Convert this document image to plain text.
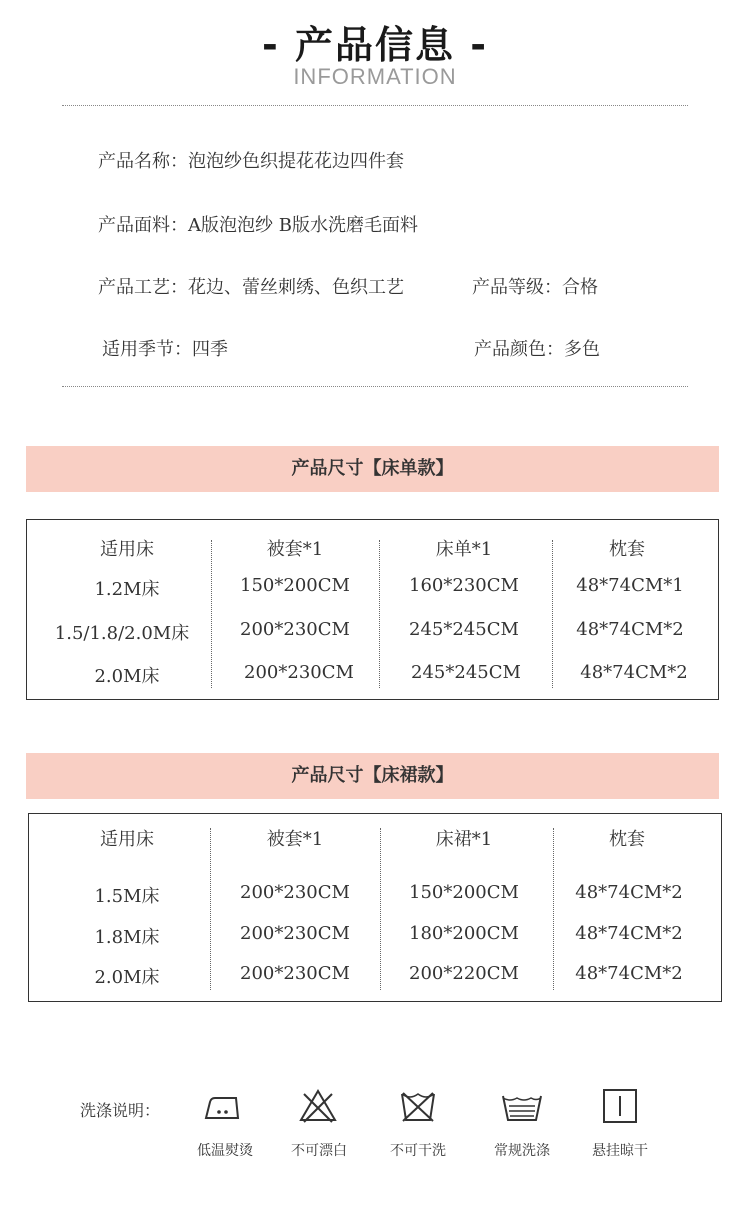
- 产品信息 -
INFORMATION
产品名称：泡泡纱色织提花花边四件套
产品面料：A版泡泡纱 B版水洗磨毛面料
产品工艺：花边、蕾丝刺绣、色织工艺	产品等级：合格
适用季节：四季	产品颜色：多色
产品尺寸【床单款】
适用床	被套*1	床单*1	枕套
1.2M床	150*200CM	160*230CM	48*74CM*1
1.5/1.8/2.0M床	200*230CM	245*245CM	48*74CM*2
2.0M床	200*230CM	245*245CM	48*74CM*2
产品尺寸【床裙款】
适用床	被套*1	床裙*1	枕套
1.5M床	200*230CM	150*200CM	48*74CM*2
1.8M床	200*230CM	180*200CM	48*74CM*2
2.0M床	200*230CM	200*220CM	48*74CM*2
洗涤说明：
低温熨烫	不可漂白	不可干洗	常规洗涤	悬挂晾干
